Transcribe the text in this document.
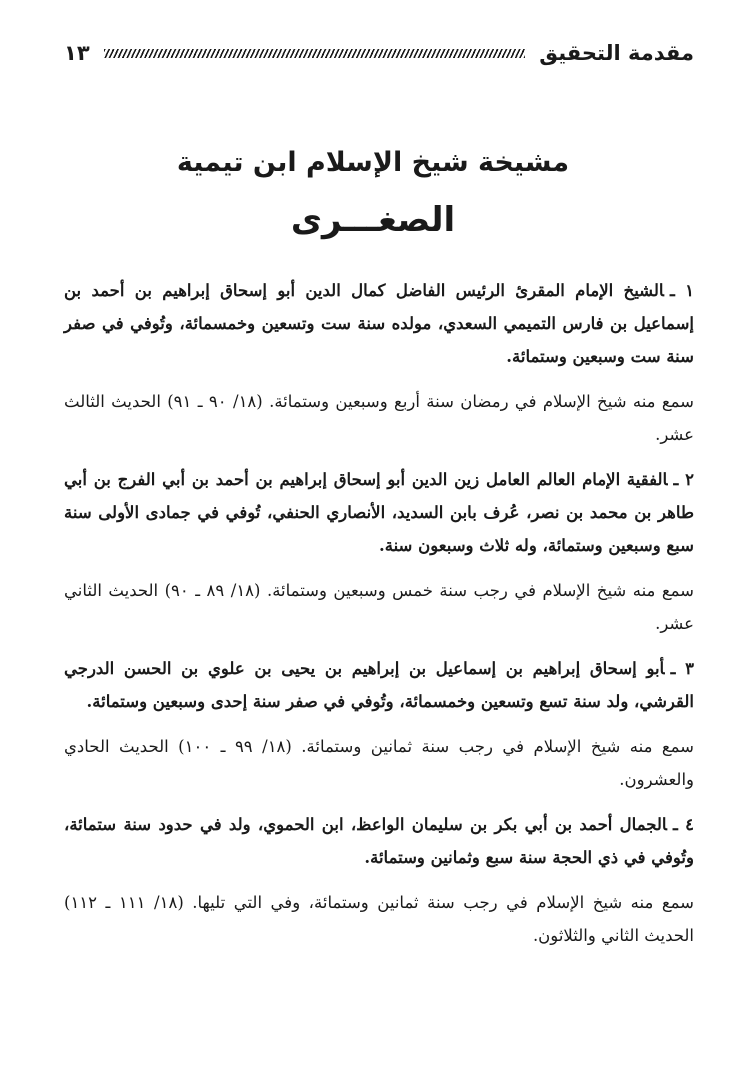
مقدمة التحقيق
١٣
مشيخة شيخ الإسلام ابن تيمية
الصغـــرى

١ ـالشيخ الإمام المقرئ الرئيس الفاضل كمال الدين أبو إسحاق إبراهيم بن أحمد بن إسماعيل بن فارس التميمي السعدي، مولده سنة ست وتسعين وخمسمائة، وتُوفي في صفر سنة ست وسبعين وستمائة.

سمع منه شيخ الإسلام في رمضان سنة أربع وسبعين وستمائة. (١٨/ ٩٠ ـ ٩١) الحديث الثالث عشر.

٢ ـالفقية الإمام العالم العامل زين الدين أبو إسحاق إبراهيم بن أحمد بن أبي الفرج بن أبي طاهر بن محمد بن نصر، عُرف بابن السديد، الأنصاري الحنفي، تُوفي في جمادى الأولى سنة سبع وسبعين وستمائة، وله ثلاث وسبعون سنة.

سمع منه شيخ الإسلام في رجب سنة خمس وسبعين وستمائة. (١٨/ ٨٩ ـ ٩٠) الحديث الثاني عشر.

٣ ـأبو إسحاق إبراهيم بن إسماعيل بن إبراهيم بن يحيى بن علوي بن الحسن الدرجي القرشي، ولد سنة تسع وتسعين وخمسمائة، وتُوفي في صفر سنة إحدى وسبعين وستمائة.

سمع منه شيخ الإسلام في رجب سنة ثمانين وستمائة. (١٨/ ٩٩ ـ ١٠٠) الحديث الحادي والعشرون.

٤ ـالجمال أحمد بن أبي بكر بن سليمان الواعظ، ابن الحموي، ولد في حدود سنة ستمائة، وتُوفي في ذي الحجة سنة سبع وثمانين وستمائة.

سمع منه شيخ الإسلام في رجب سنة ثمانين وستمائة، وفي التي تليها. (١٨/ ١١١ ـ ١١٢) الحديث الثاني والثلاثون.
